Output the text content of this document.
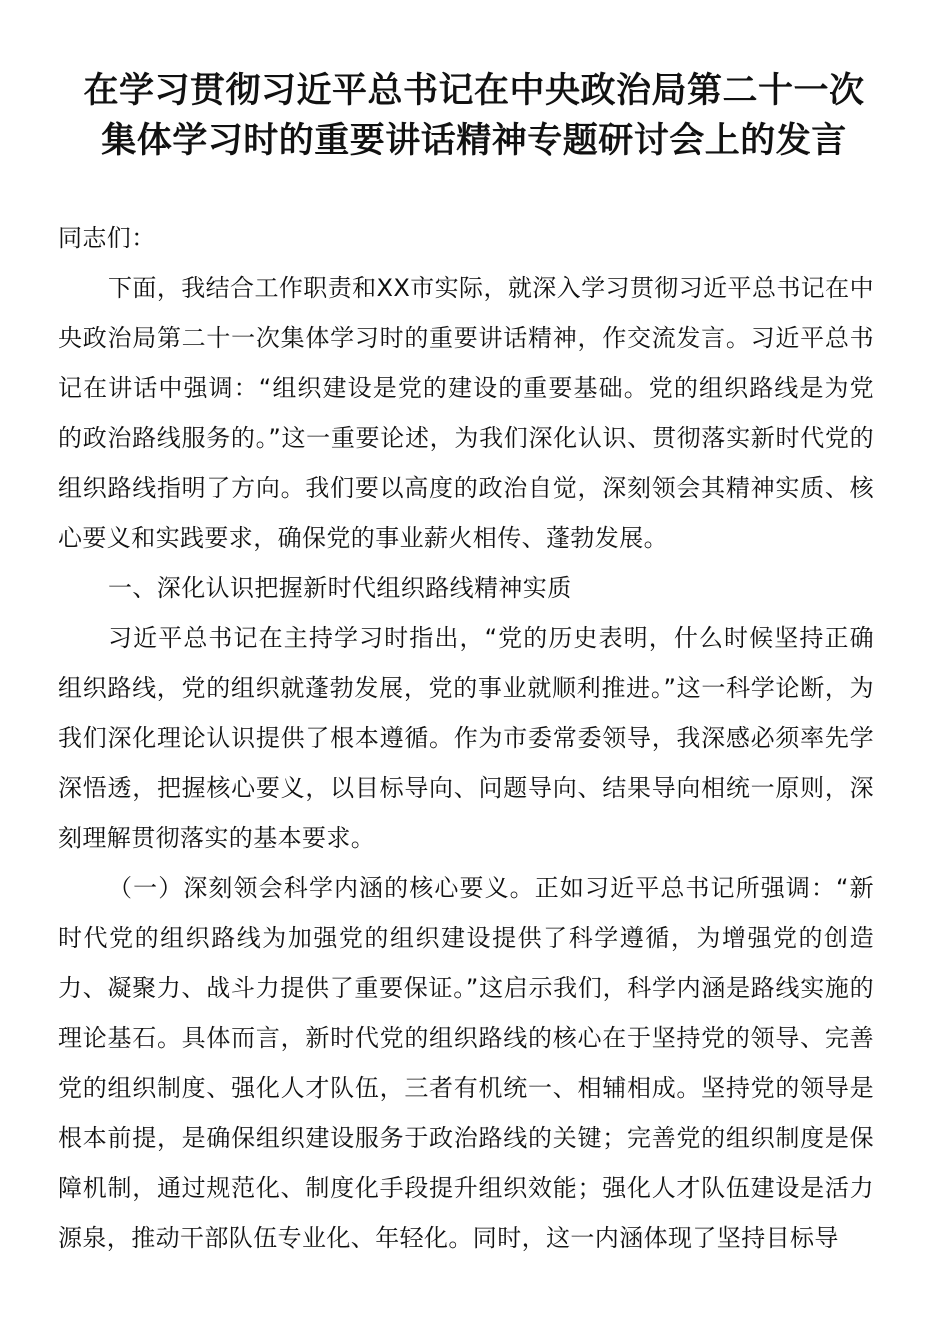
在学习贯彻习近平总书记在中央政治局第二十一次集体学习时的重要讲话精神专题研讨会上的发言

同志们：

下面，我结合工作职责和XX市实际，就深入学习贯彻习近平总书记在中央政治局第二十一次集体学习时的重要讲话精神，作交流发言。习近平总书记在讲话中强调：“组织建设是党的建设的重要基础。党的组织路线是为党的政治路线服务的。”这一重要论述，为我们深化认识、贯彻落实新时代党的组织路线指明了方向。我们要以高度的政治自觉，深刻领会其精神实质、核心要义和实践要求，确保党的事业薪火相传、蓬勃发展。

一、深化认识把握新时代组织路线精神实质

习近平总书记在主持学习时指出，“党的历史表明，什么时候坚持正确组织路线，党的组织就蓬勃发展，党的事业就顺利推进。”这一科学论断，为我们深化理论认识提供了根本遵循。作为市委常委领导，我深感必须率先学深悟透，把握核心要义，以目标导向、问题导向、结果导向相统一原则，深刻理解贯彻落实的基本要求。

（一）深刻领会科学内涵的核心要义。正如习近平总书记所强调：“新时代党的组织路线为加强党的组织建设提供了科学遵循，为增强党的创造力、凝聚力、战斗力提供了重要保证。”这启示我们，科学内涵是路线实施的理论基石。具体而言，新时代党的组织路线的核心在于坚持党的领导、完善党的组织制度、强化人才队伍，三者有机统一、相辅相成。坚持党的领导是根本前提，是确保组织建设服务于政治路线的关键；完善党的组织制度是保障机制，通过规范化、制度化手段提升组织效能；强化人才队伍建设是活力源泉，推动干部队伍专业化、年轻化。同时，这一内涵体现了坚持目标导
